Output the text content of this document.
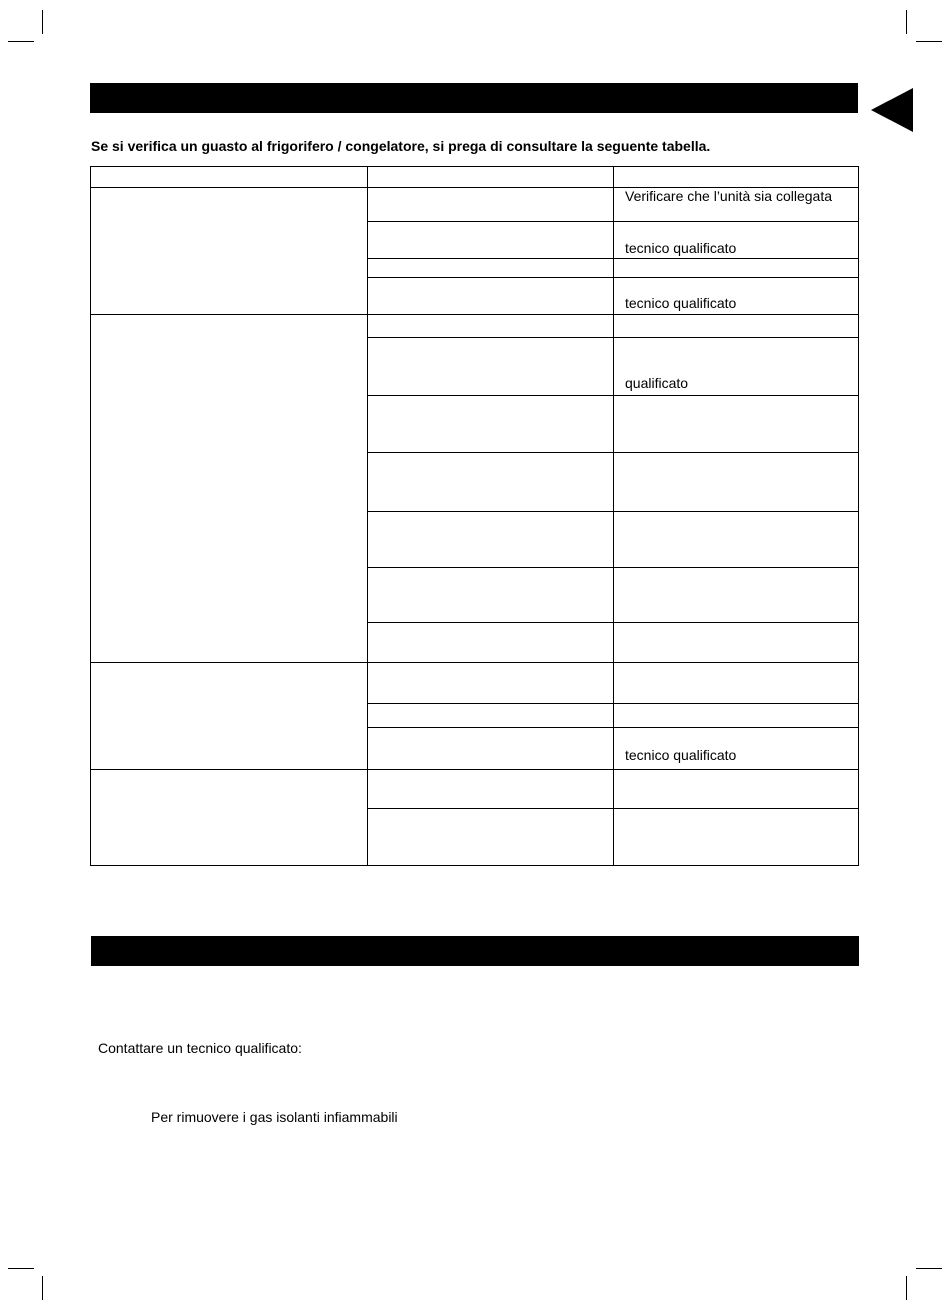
Se si verifica un guasto al frigorifero / congelatore, si prega di consultare la seguente tabella.
Verificare che l’unità sia collegata
tecnico qualificato
tecnico qualificato
qualificato
tecnico qualificato
Contattare un tecnico qualificato:
Per rimuovere i gas isolanti infiammabili
